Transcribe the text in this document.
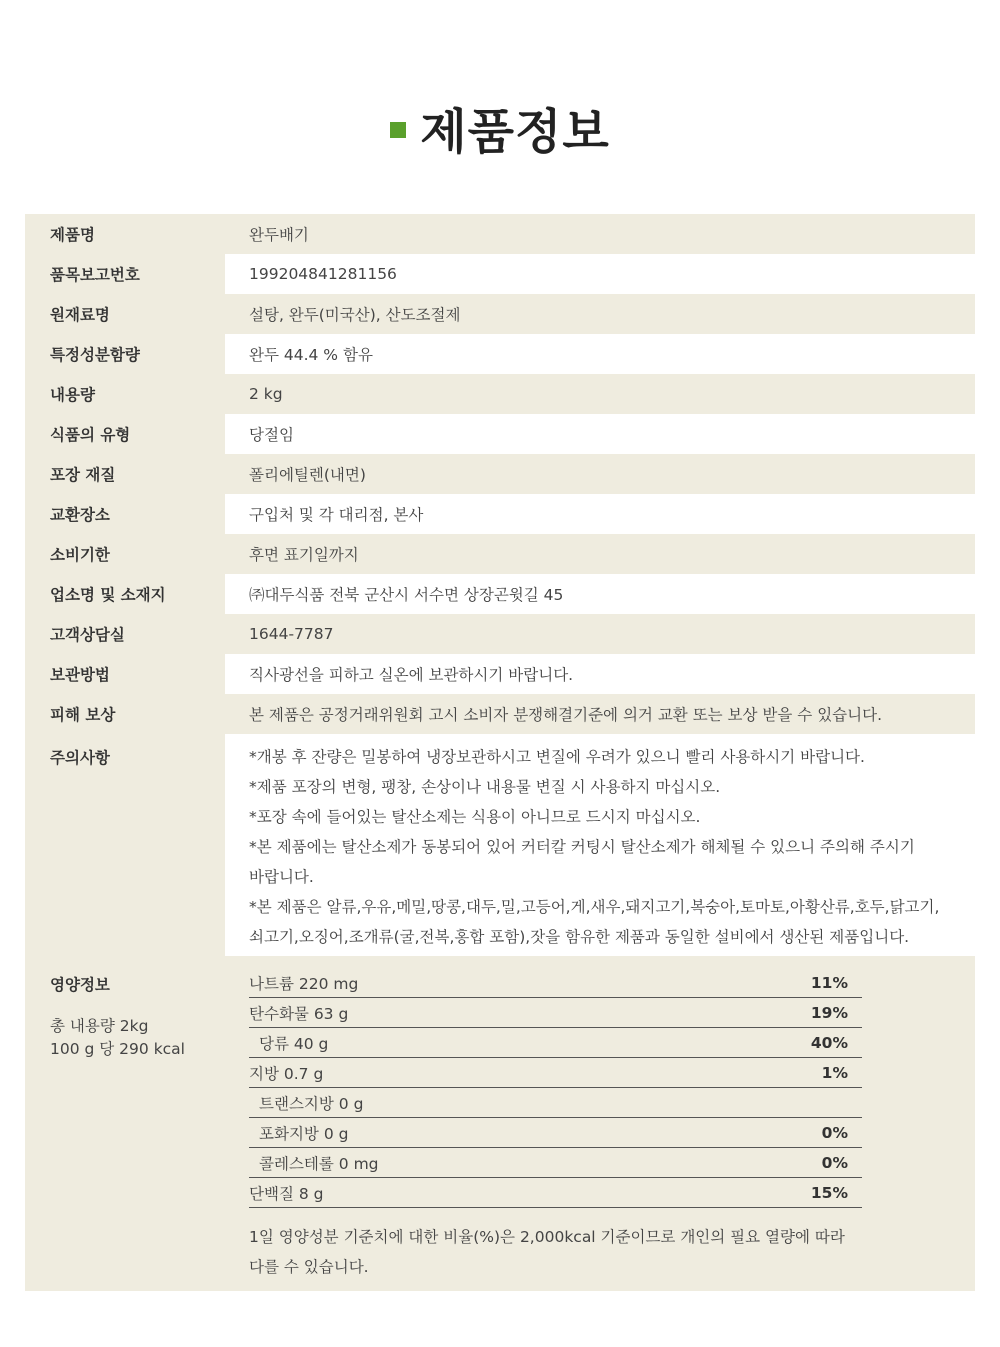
제품정보
제품명	완두배기
품목보고번호	199204841281156
원재료명	설탕, 완두(미국산), 산도조절제
특정성분함량	완두 44.4 % 함유
내용량	2 kg
식품의 유형	당절임
포장 재질	폴리에틸렌(내면)
교환장소	구입처 및 각 대리점, 본사
소비기한	후면 표기일까지
업소명 및 소재지	㈜대두식품 전북 군산시 서수면 상장곤윗길 45
고객상담실	1644-7787
보관방법	직사광선을 피하고 실온에 보관하시기 바랍니다.
피해 보상	본 제품은 공정거래위원회 고시 소비자 분쟁해결기준에 의거 교환 또는 보상 받을 수 있습니다.
주의사항	*개봉 후 잔량은 밀봉하여 냉장보관하시고 변질에 우려가 있으니 빨리 사용하시기 바랍니다.
*제품 포장의 변형, 팽창, 손상이나 내용물 변질 시 사용하지 마십시오.
*포장 속에 들어있는 탈산소제는 식용이 아니므로 드시지 마십시오.
*본 제품에는 탈산소제가 동봉되어 있어 커터칼 커팅시 탈산소제가 해체될 수 있으니 주의해 주시기
바랍니다.
*본 제품은 알류,우유,메밀,땅콩,대두,밀,고등어,게,새우,돼지고기,복숭아,토마토,아황산류,호두,닭고기,
쇠고기,오징어,조개류(굴,전복,홍합 포함),잣을 함유한 제품과 동일한 설비에서 생산된 제품입니다.
영양정보
총 내용량 2kg
100 g 당 290 kcal
나트륨 220 mg	11%
탄수화물 63 g	19%
당류 40 g	40%
지방 0.7 g	1%
트랜스지방 0 g
포화지방 0 g	0%
콜레스테롤 0 mg	0%
단백질 8 g	15%
1일 영양성분 기준치에 대한 비율(%)은 2,000kcal 기준이므로 개인의 필요 열량에 따라
다를 수 있습니다.
